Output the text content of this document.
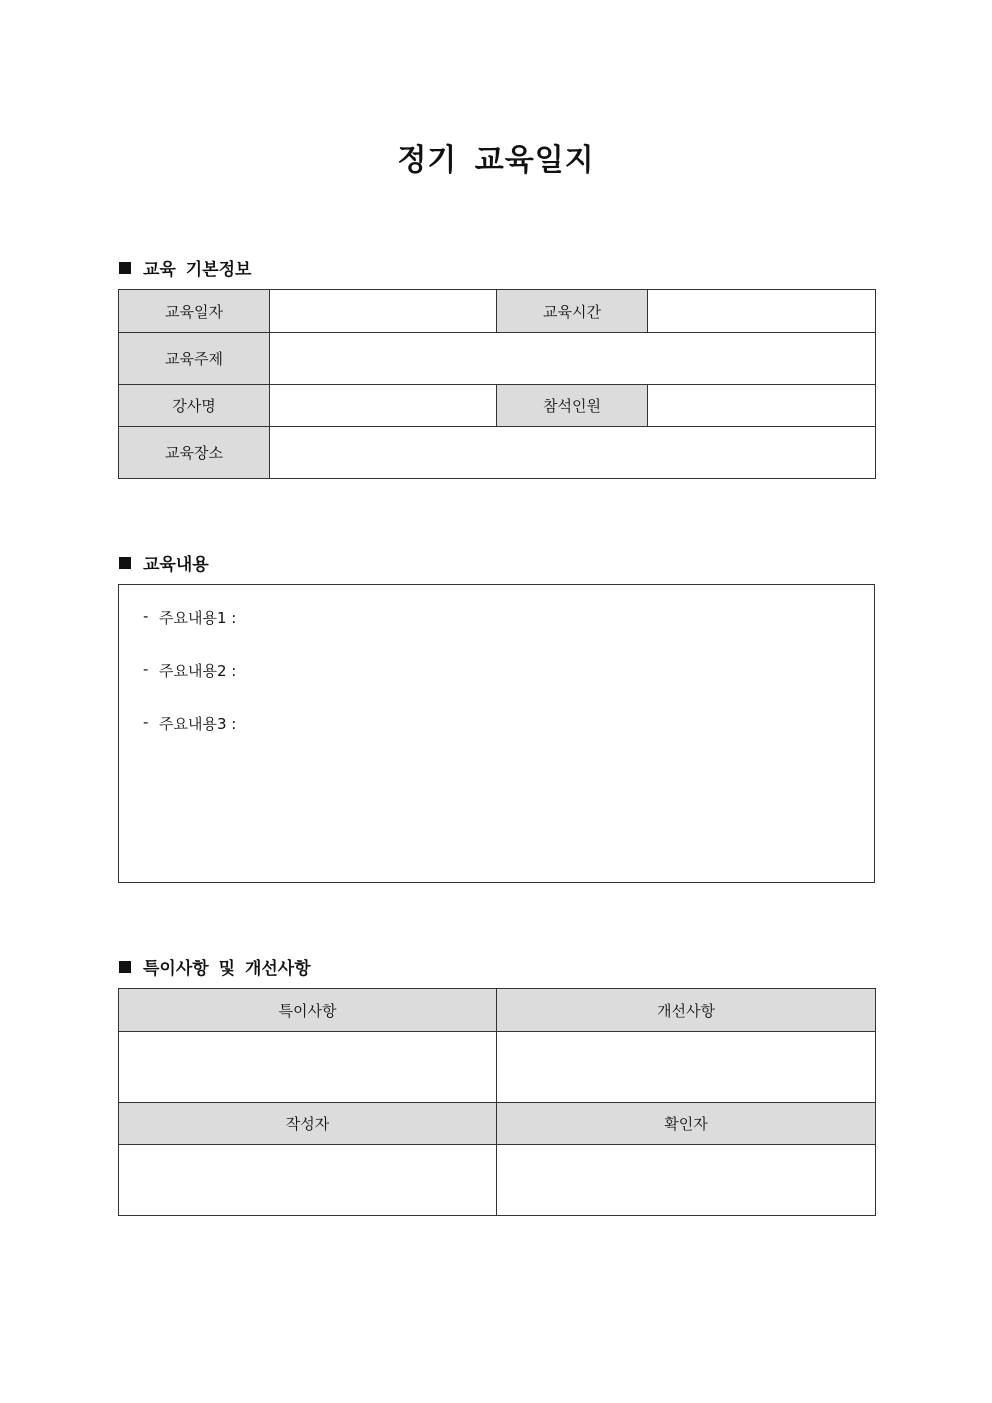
정기 교육일지
교육 기본정보
교육일자		교육시간	
교육주제			
강사명		참석인원	
교육장소			
교육내용
- 주요내용1 :
- 주요내용2 :
- 주요내용3 :
특이사항 및 개선사항
특이사항	개선사항

작성자	확인자
